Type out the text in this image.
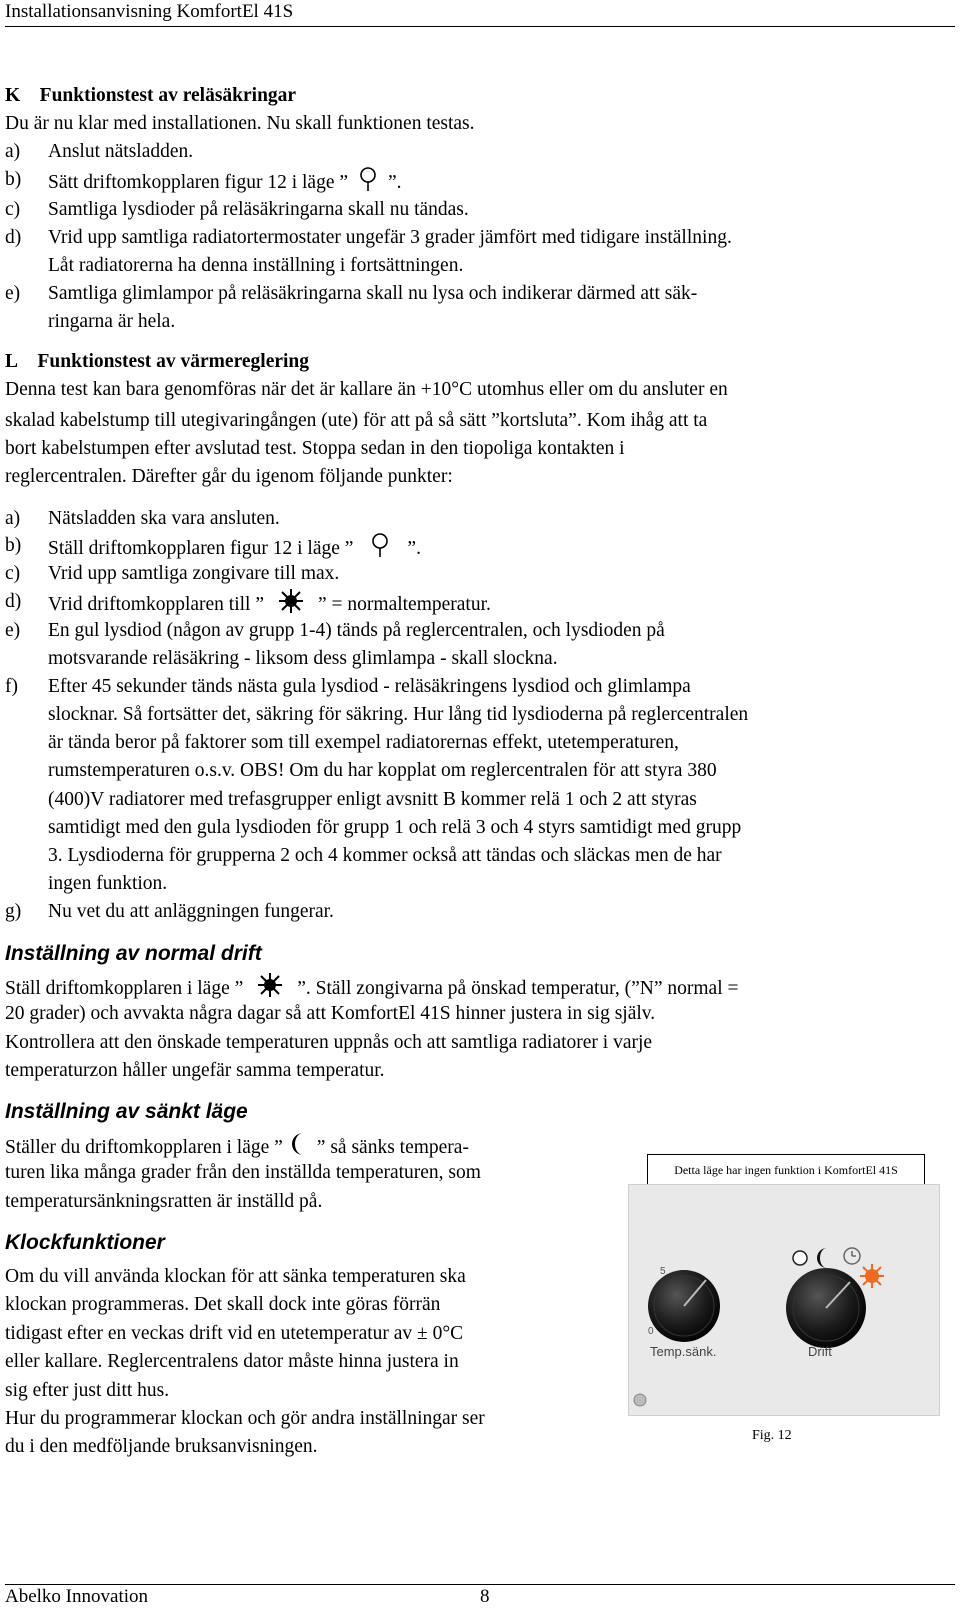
Installationsanvisning KomfortEl 41S
K    Funktionstest av reläsäkringar
Du är nu klar med installationen. Nu skall funktionen testas.
a) Anslut nätsladden.
b) Sätt driftomkopplaren figur 12 i läge ” ”.
c) Samtliga lysdioder på reläsäkringarna skall nu tändas.
d) Vrid upp samtliga radiatortermostater ungefär 3 grader jämfört med tidigare inställning.
Låt radiatorerna ha denna inställning i fortsättningen.
e) Samtliga glimlampor på reläsäkringarna skall nu lysa och indikerar därmed att säk-
ringarna är hela.
L    Funktionstest av värmereglering
Denna test kan bara genomföras när det är kallare än +10°C utomhus eller om du ansluter en
skalad kabelstump till utegivaringången (ute) för att på så sätt ”kortsluta”. Kom ihåg att ta
bort kabelstumpen efter avslutad test. Stoppa sedan in den tiopoliga kontakten i
reglercentralen. Därefter går du igenom följande punkter:
a) Nätsladden ska vara ansluten.
b) Ställ driftomkopplaren figur 12 i läge ”	”.
c) Vrid upp samtliga zongivare till max.
d) Vrid driftomkopplaren till ”	” = normaltemperatur.
e) En gul lysdiod (någon av grupp 1-4) tänds på reglercentralen, och lysdioden på
motsvarande reläsäkring - liksom dess glimlampa - skall slockna.
f) Efter 45 sekunder tänds nästa gula lysdiod - reläsäkringens lysdiod och glimlampa
slocknar. Så fortsätter det, säkring för säkring. Hur lång tid lysdioderna på reglercentralen
är tända beror på faktorer som till exempel radiatorernas effekt, utetemperaturen,
rumstemperaturen o.s.v. OBS! Om du har kopplat om reglercentralen för att styra 380
(400)V radiatorer med trefasgrupper enligt avsnitt B kommer relä 1 och 2 att styras
samtidigt med den gula lysdioden för grupp 1 och relä 3 och 4 styrs samtidigt med grupp
3. Lysdioderna för grupperna 2 och 4 kommer också att tändas och släckas men de har
ingen funktion.
g) Nu vet du att anläggningen fungerar.
Inställning av normal drift
Ställ driftomkopplaren i läge ”	”. Ställ zongivarna på önskad temperatur, (”N” normal =
20 grader) och avvakta några dagar så att KomfortEl 41S hinner justera in sig själv.
Kontrollera att den önskade temperaturen uppnås och att samtliga radiatorer i varje
temperaturzon håller ungefär samma temperatur.
Inställning av sänkt läge
Ställer du driftomkopplaren i läge ” ” så sänks tempera-
turen lika många grader från den inställda temperaturen, som
temperatursänkningsratten är inställd på.
Klockfunktioner
Om du vill använda klockan för att sänka temperaturen ska
klockan programmeras. Det skall dock inte göras förrän
tidigast efter en veckas drift vid en utetemperatur av ± 0°C
eller kallare. Reglercentralens dator måste hinna justera in
sig efter just ditt hus.
Hur du programmerar klockan och gör andra inställningar ser
du i den medföljande bruksanvisningen.
Detta läge har ingen funktion i KomfortEl 41S
5
0
Temp.sänk.	Drift
Fig. 12
Abelko Innovation	8
